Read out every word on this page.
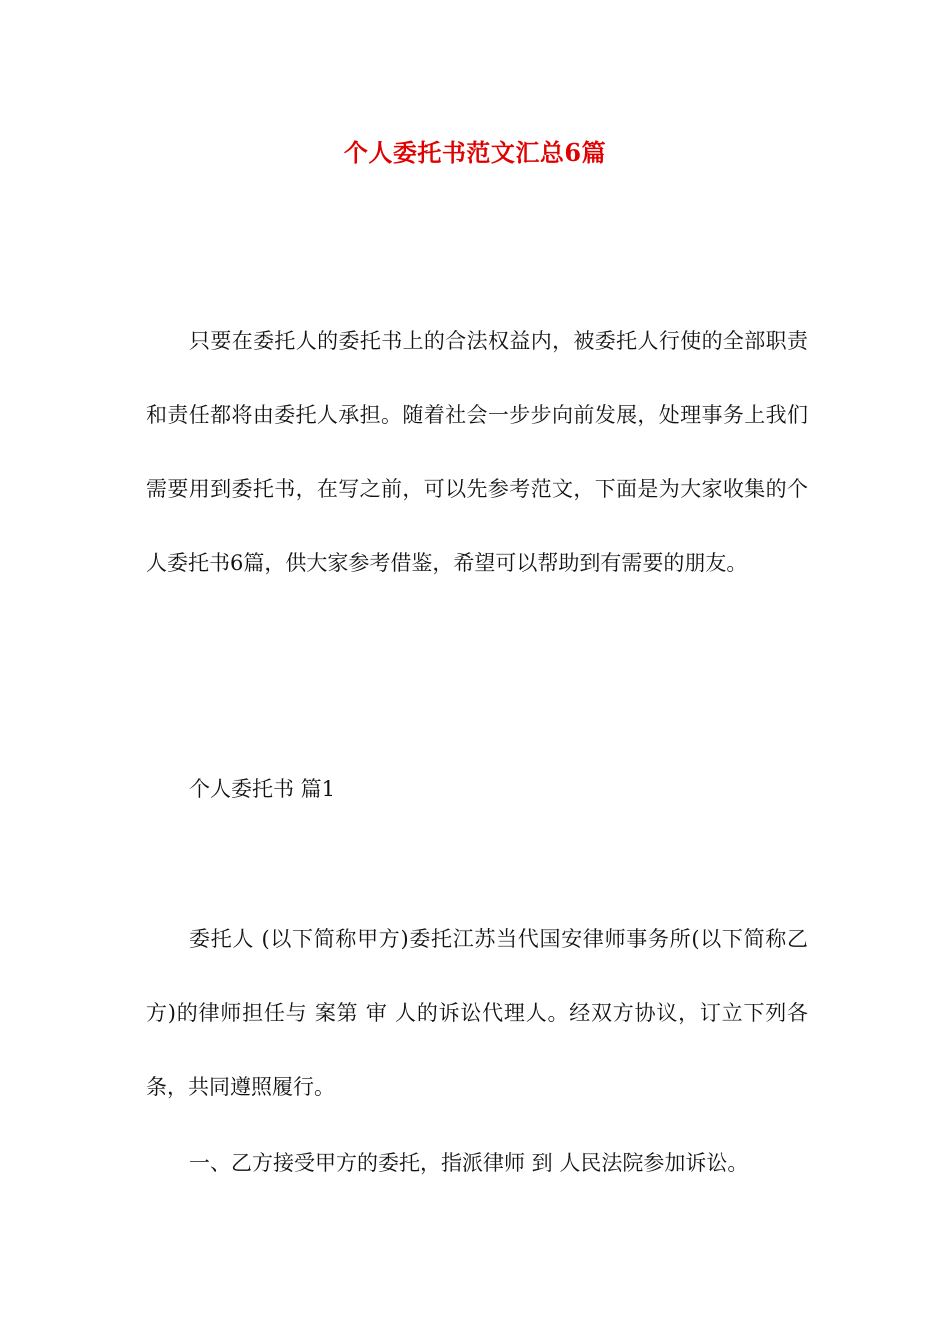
个人委托书范文汇总6篇

只要在委托人的委托书上的合法权益内，被委托人行使的全部职责和责任都将由委托人承担。随着社会一步步向前发展，处理事务上我们需要用到委托书，在写之前，可以先参考范文，下面是为大家收集的个人委托书6篇，供大家参考借鉴，希望可以帮助到有需要的朋友。

个人委托书 篇1

委托人 (以下简称甲方)委托江苏当代国安律师事务所(以下简称乙方)的律师担任与 案第 审 人的诉讼代理人。经双方协议，订立下列各条，共同遵照履行。

一、乙方接受甲方的委托，指派律师 到 人民法院参加诉讼。
